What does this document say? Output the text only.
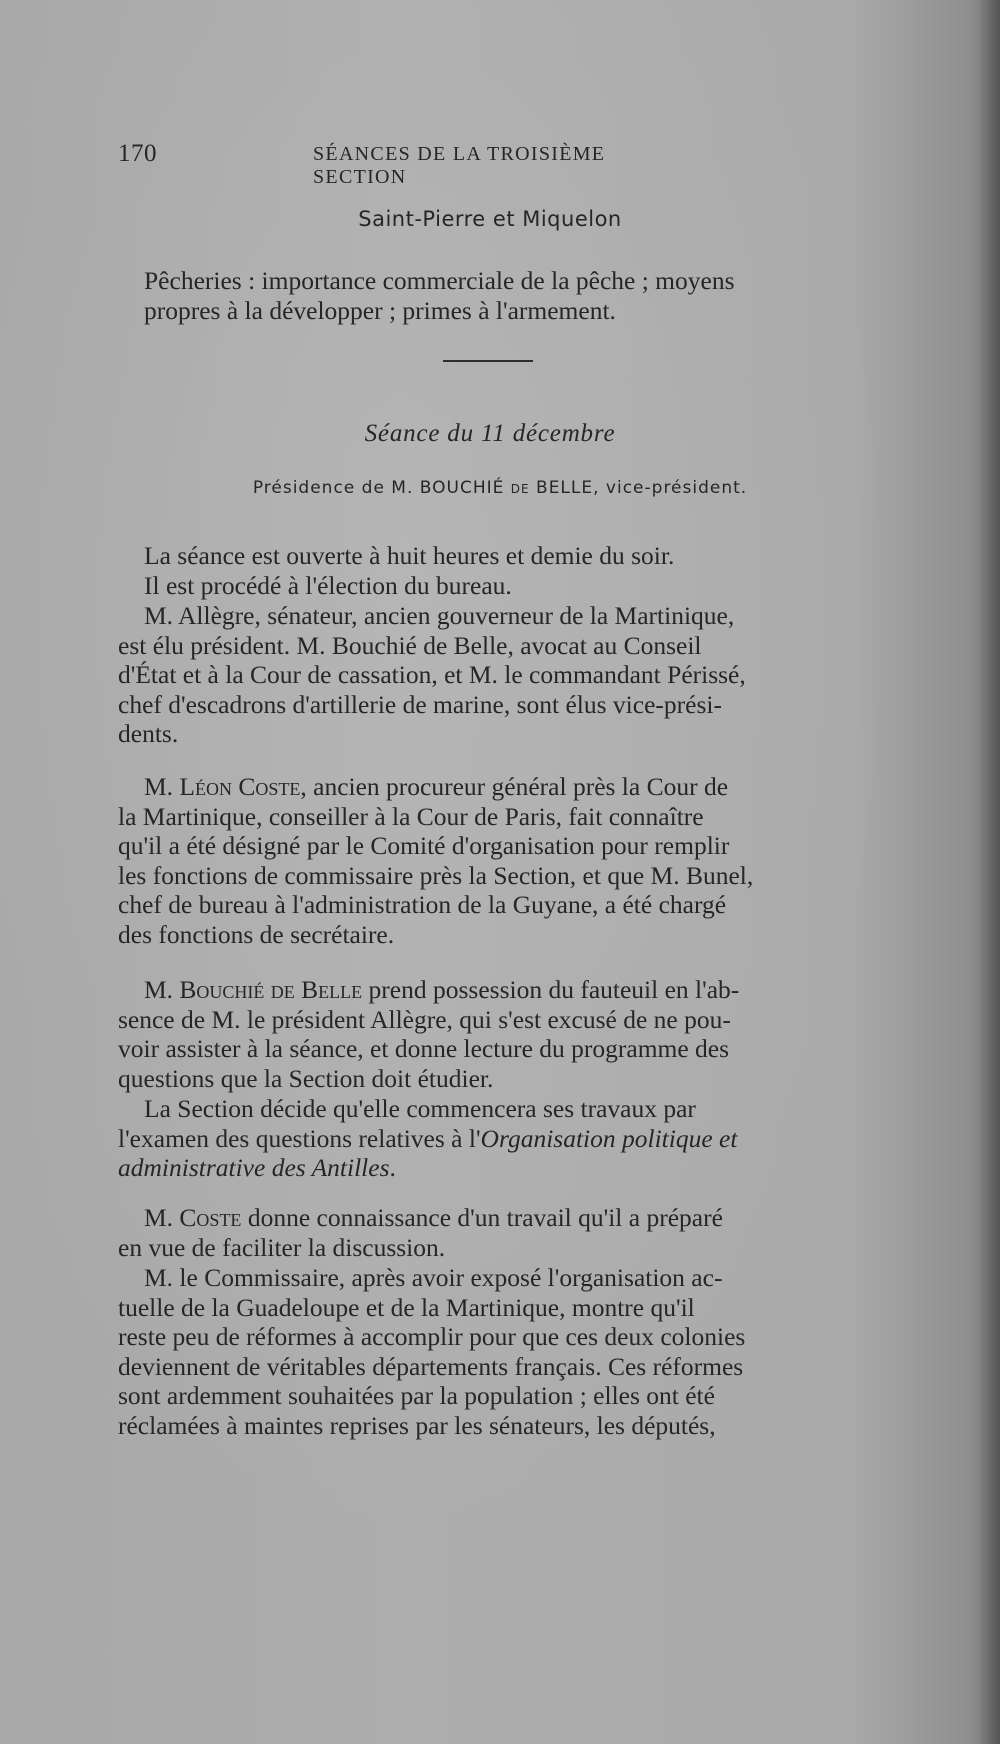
170	SÉANCES DE LA TROISIÈME SECTION
Saint-Pierre et Miquelon
Pêcheries : importance commerciale de la pêche ; moyens
propres à la développer ; primes à l'armement.
Séance du 11 décembre
Présidence de M. BOUCHIÉ de BELLE, vice-président.
La séance est ouverte à huit heures et demie du soir.
Il est procédé à l'élection du bureau.
M. Allègre, sénateur, ancien gouverneur de la Martinique,
est élu président. M. Bouchié de Belle, avocat au Conseil
d'État et à la Cour de cassation, et M. le commandant Périssé,
chef d'escadrons d'artillerie de marine, sont élus vice-prési-
dents.
M. Léon Coste, ancien procureur général près la Cour de
la Martinique, conseiller à la Cour de Paris, fait connaître
qu'il a été désigné par le Comité d'organisation pour remplir
les fonctions de commissaire près la Section, et que M. Bunel,
chef de bureau à l'administration de la Guyane, a été chargé
des fonctions de secrétaire.
M. Bouchié de Belle prend possession du fauteuil en l'ab-
sence de M. le président Allègre, qui s'est excusé de ne pou-
voir assister à la séance, et donne lecture du programme des
questions que la Section doit étudier.
La Section décide qu'elle commencera ses travaux par
l'examen des questions relatives à l'Organisation politique et
administrative des Antilles.
M. Coste donne connaissance d'un travail qu'il a préparé
en vue de faciliter la discussion.
M. le Commissaire, après avoir exposé l'organisation ac-
tuelle de la Guadeloupe et de la Martinique, montre qu'il
reste peu de réformes à accomplir pour que ces deux colonies
deviennent de véritables départements français. Ces réformes
sont ardemment souhaitées par la population ; elles ont été
réclamées à maintes reprises par les sénateurs, les députés,
